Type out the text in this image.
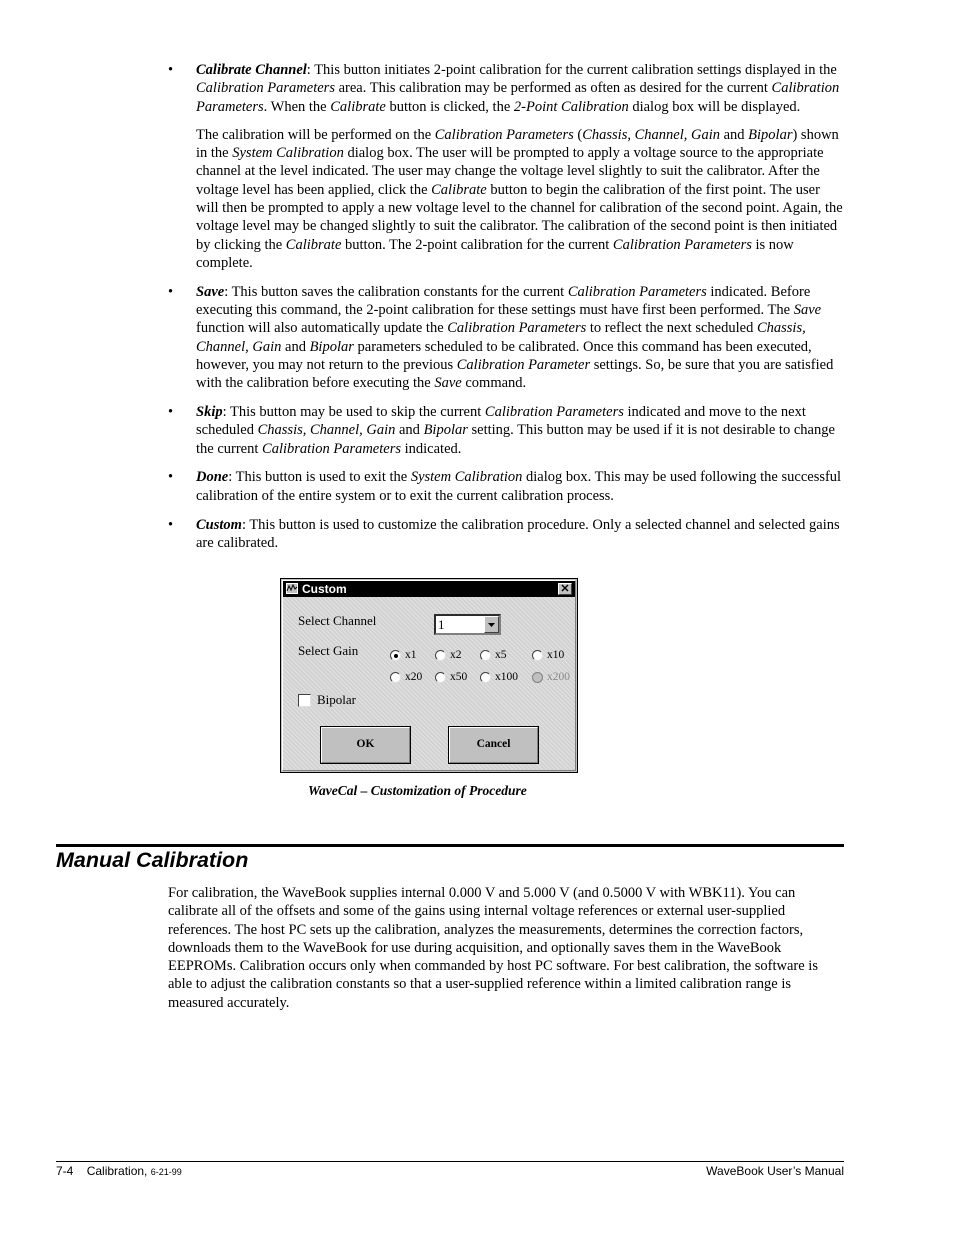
• Calibrate Channel: This button initiates 2-point calibration for the current calibration settings displayed in the Calibration Parameters area. This calibration may be performed as often as desired for the current Calibration Parameters. When the Calibrate button is clicked, the 2-Point Calibration dialog box will be displayed.

The calibration will be performed on the Calibration Parameters (Chassis, Channel, Gain and Bipolar) shown in the System Calibration dialog box. The user will be prompted to apply a voltage source to the appropriate channel at the level indicated. The user may change the voltage level slightly to suit the calibrator. After the voltage level has been applied, click the Calibrate button to begin the calibration of the first point. The user will then be prompted to apply a new voltage level to the channel for calibration of the second point. Again, the voltage level may be changed slightly to suit the calibrator. The calibration of the second point is then initiated by clicking the Calibrate button. The 2-point calibration for the current Calibration Parameters is now complete.

• Save: This button saves the calibration constants for the current Calibration Parameters indicated. Before executing this command, the 2-point calibration for these settings must have first been performed. The Save function will also automatically update the Calibration Parameters to reflect the next scheduled Chassis, Channel, Gain and Bipolar parameters scheduled to be calibrated. Once this command has been executed, however, you may not return to the previous Calibration Parameter settings. So, be sure that you are satisfied with the calibration before executing the Save command.

• Skip: This button may be used to skip the current Calibration Parameters indicated and move to the next scheduled Chassis, Channel, Gain and Bipolar setting. This button may be used if it is not desirable to change the current Calibration Parameters indicated.

• Done: This button is used to exit the System Calibration dialog box. This may be used following the successful calibration of the entire system or to exit the current calibration process.

• Custom: This button is used to customize the calibration procedure. Only a selected channel and selected gains are calibrated.

Custom	✕
Select Channel	1
Select Gain	x1	x2	x5	x10
x20 x50 x100	x200
Bipolar
OK	Cancel
WaveCal – Customization of Procedure
Manual Calibration

For calibration, the WaveBook supplies internal 0.000 V and 5.000 V (and 0.5000 V with WBK11). You can calibrate all of the offsets and some of the gains using internal voltage references or external user-supplied references. The host PC sets up the calibration, analyzes the measurements, determines the correction factors, downloads them to the WaveBook for use during acquisition, and optionally saves them in the WaveBook EEPROMs. Calibration occurs only when commanded by host PC software. For best calibration, the software is able to adjust the calibration constants so that a user-supplied reference within a limited calibration range is measured accurately.

7-4 Calibration, 6-21-99	WaveBook User’s Manual
